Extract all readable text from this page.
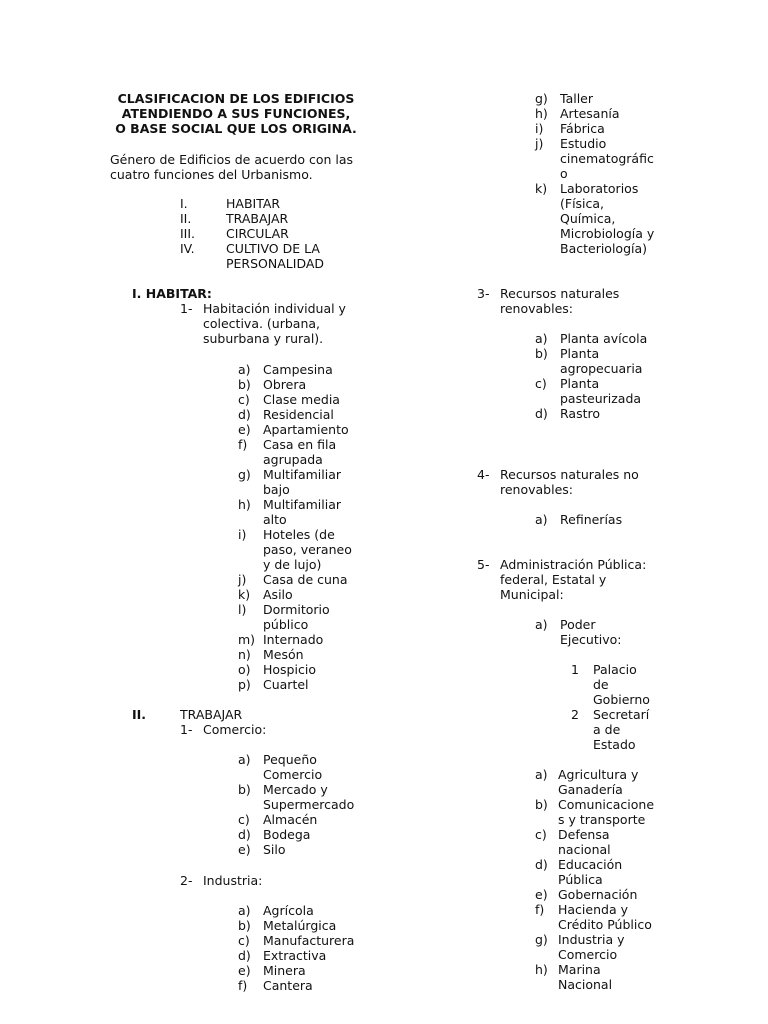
CLASIFICACION DE LOS EDIFICIOS
ATENDIENDO A SUS FUNCIONES,
O BASE SOCIAL QUE LOS ORIGINA.
Género de Edificios de acuerdo con las
cuatro funciones del Urbanismo.
I.	HABITAR
II.	TRABAJAR
III. CIRCULAR
IV.	CULTIVO DE LA
PERSONALIDAD
I. HABITAR:
1- Habitación individual y
colectiva. (urbana,
suburbana y rural).
a) Campesina
b) Obrera
c) Clase media
d) Residencial
e) Apartamiento
f) Casa en fila
agrupada
g) Multifamiliar
bajo
h) Multifamiliar
alto
i) Hoteles (de
paso, veraneo
y de lujo)
j) Casa de cuna
k) Asilo
l) Dormitorio
público
m) Internado
n) Mesón
o) Hospicio
p) Cuartel
II.	TRABAJAR
1- Comercio:
a) Pequeño
Comercio
b) Mercado y
Supermercado
c) Almacén
d) Bodega
e) Silo
2- Industria:
a) Agrícola
b) Metalúrgica
c) Manufacturera
d) Extractiva
e) Minera
f) Cantera
g) Taller
h) Artesanía
i) Fábrica
j) Estudio
cinematográfic
o
k) Laboratorios
(Física,
Química,
Microbiología y
Bacteriología)
3- Recursos naturales
renovables:
a) Planta avícola
b) Planta
agropecuaria
c) Planta
pasteurizada
d) Rastro
4- Recursos naturales no
renovables:
a) Refinerías
5- Administración Pública:
federal, Estatal y
Municipal:
a) Poder
Ejecutivo:
1 Palacio
de
Gobierno
2 Secretarí
a de
Estado
a) Agricultura y
Ganadería
b) Comunicacione
s y transporte
c) Defensa
nacional
d) Educación
Pública
e) Gobernación
f) Hacienda y
Crédito Público
g) Industria y
Comercio
h) Marina
Nacional
